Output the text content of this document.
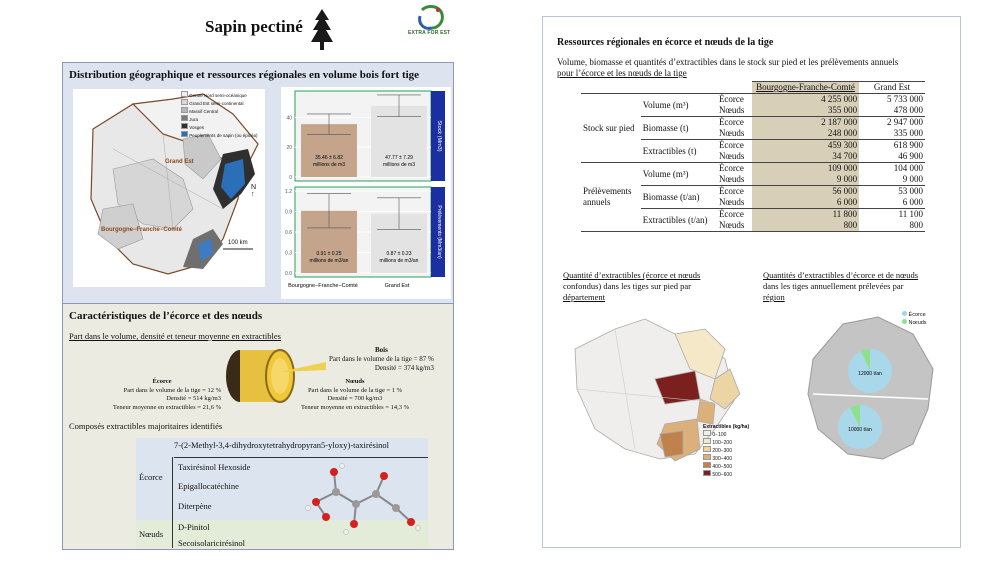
Sapin pectiné	EXTRA FOR EST
Distribution géographique et ressources régionales en volume bois fort tige
Centre Nord semi-océanique
Grand Est semi-continental
Massif Central
Jura
Vosges
Peuplements de sapin (ou épicéa)
Grand Est
Bourgogne−Franche−Comté
100 km
N
↑
Stock (Mm3)
Prélèvements (Mm3/an)
Bourgogne−Franche−Comté	Grand Est
0
20
40
35.46 ± 6.82
millions de m3
47.77 ± 7.29
millions de m3
0.0
0.3
0.6
0.9
1.2
0.91 ± 0.25
millions de m3/an
0.87 ± 0.23
millions de m3/an
Caractéristiques de l’écorce et des nœuds
Part dans le volume, densité et teneur moyenne en extractibles
Bois
Part dans le volume de la tige = 87 %
Densité = 374 kg/m3
Écorce
Part dans le volume de la tige = 12 %
Densité = 514 kg/m3
Teneur moyenne en extractibles = 21,6 %
Nœuds
Part dans le volume de la tige = 1 %
Densité = 700 kg/m3
Teneur moyenne en extractibles = 14,3 %
Composés extractibles majoritaires identifiés
7-(2-Methyl-3,4-dihydroxytetrahydropyran5-yloxy)-taxirésinol
Écorce
Taxirésinol Hexoside
Epigallocatéchine
Diterpène
Nœuds
D-Pinitol
Secoisolaricirésinol
Ressources régionales en écorce et nœuds de la tige
Volume, biomasse et quantités d’extractibles dans le stock sur pied et les prélèvements annuels
pour l’écorce et les nœuds de la tige
			Bourgogne-Franche-Comté	Grand Est
Stock sur pied	Volume (m³)	Écorce	4 255 000	5 733 000
		Nœuds	355 000	478 000
	Biomasse (t)	Écorce	2 187 000	2 947 000
		Nœuds	248 000	335 000
	Extractibles (t)	Écorce	459 300	618 900
		Nœuds	34 700	46 900
Prélèvements annuels	Volume (m³)	Écorce	109 000	104 000
		Nœuds	9 000	9 000
	Biomasse (t/an)	Écorce	56 000	53 000
		Nœuds	6 000	6 000
	Extractibles (t/an)	Écorce	11 800	11 100
		Nœuds	800	800
Quantité d’extractibles (écorce et nœuds
confondus) dans les tiges sur pied par
département
Extractibles (kg/ha)
0−100
100−200
200−300
300−400
400−500
500−600
Quantités d’extractibles d’écorce et de nœuds
dans les tiges annuellement prélevées par
région
12000 t/an
10000 t/an
Écorce
Nœuds
